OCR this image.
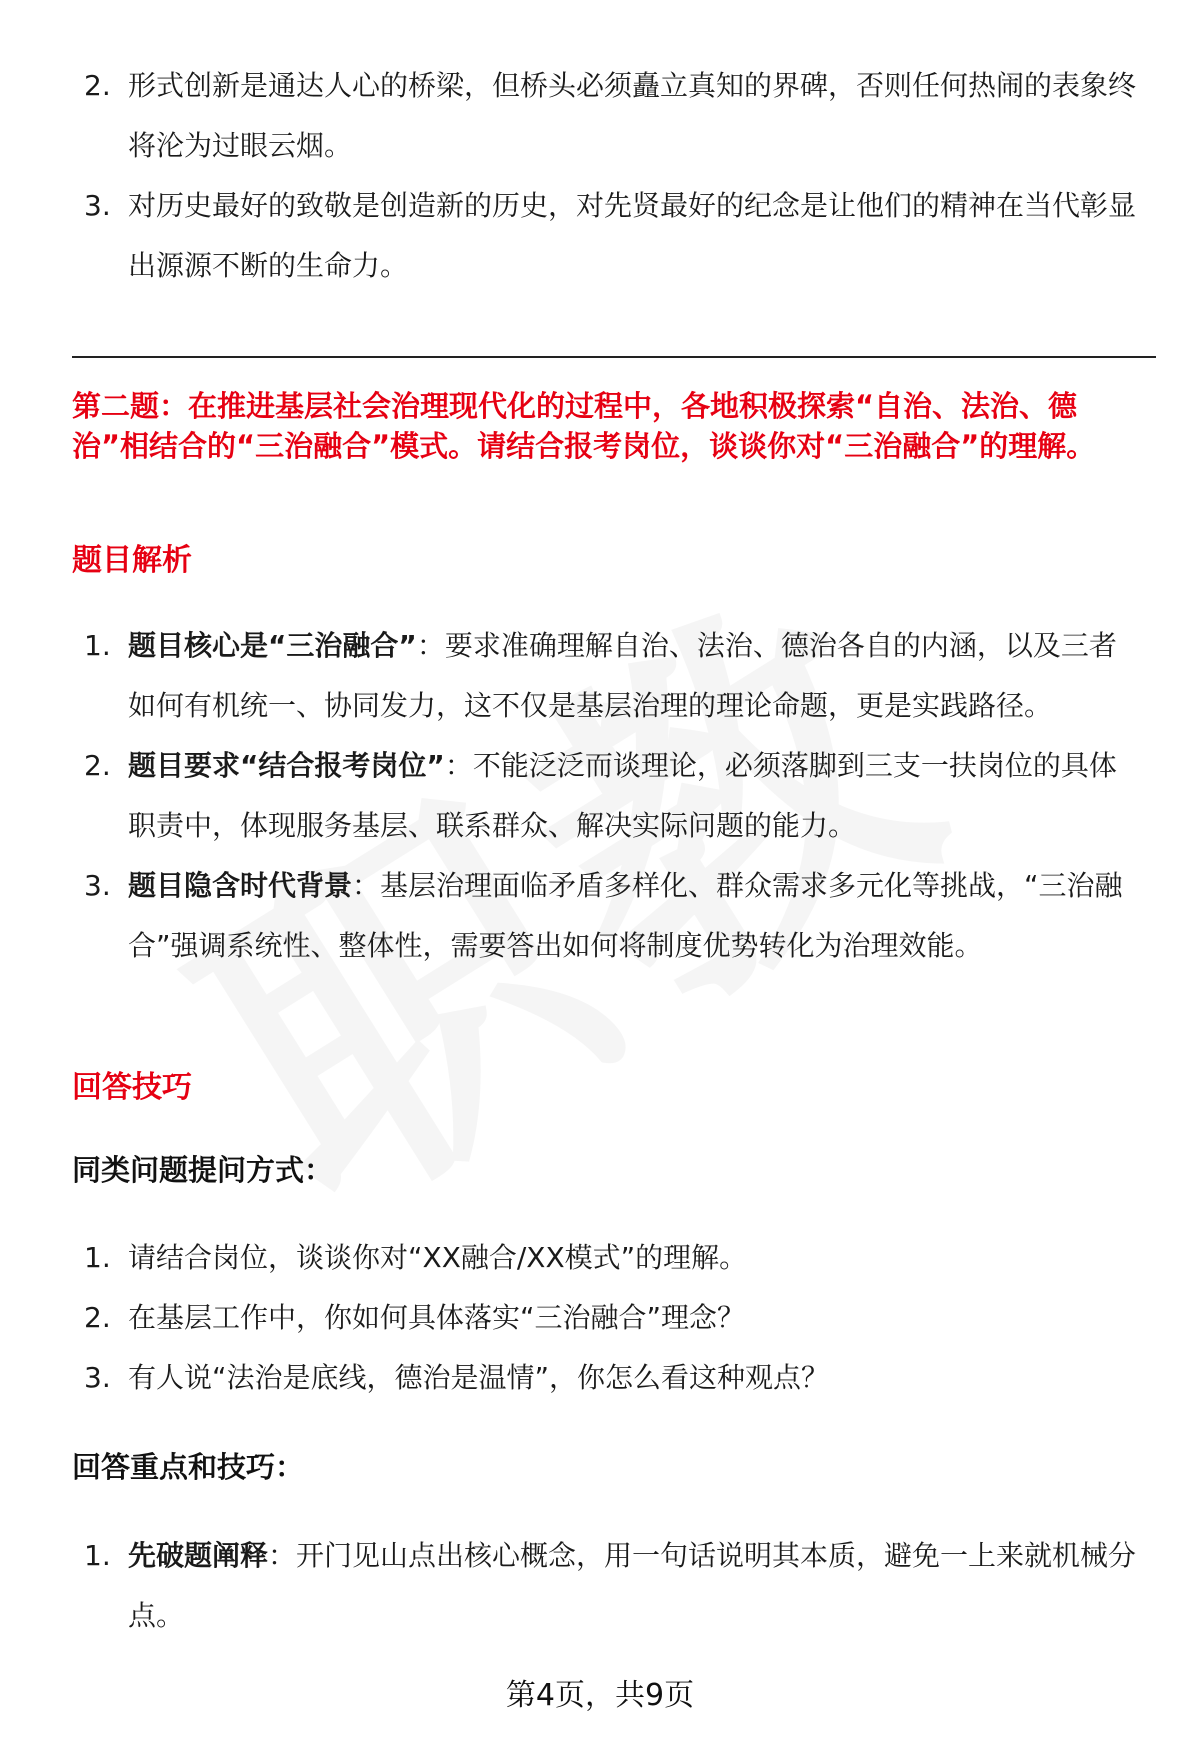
2. 形式创新是通达人心的桥梁，但桥头必须矗立真知的界碑，否则任何热闹的表象终将沦为过眼云烟。
3. 对历史最好的致敬是创造新的历史，对先贤最好的纪念是让他们的精神在当代彰显出源源不断的生命力。

第二题：在推进基层社会治理现代化的过程中，各地积极探索“自治、法治、德治”相结合的“三治融合”模式。请结合报考岗位，谈谈你对“三治融合”的理解。

题目解析
1. 题目核心是“三治融合”：要求准确理解自治、法治、德治各自的内涵，以及三者如何有机统一、协同发力，这不仅是基层治理的理论命题，更是实践路径。
2. 题目要求“结合报考岗位”：不能泛泛而谈理论，必须落脚到三支一扶岗位的具体职责中，体现服务基层、联系群众、解决实际问题的能力。
3. 题目隐含时代背景：基层治理面临矛盾多样化、群众需求多元化等挑战，“三治融合”强调系统性、整体性，需要答出如何将制度优势转化为治理效能。
回答技巧
同类问题提问方式：
1. 请结合岗位，谈谈你对“XX融合/XX模式”的理解。
2. 在基层工作中，你如何具体落实“三治融合”理念？
3. 有人说“法治是底线，德治是温情”，你怎么看这种观点？
回答重点和技巧：
1. 先破题阐释：开门见山点出核心概念，用一句话说明其本质，避免一上来就机械分点。
第4页，共9页
